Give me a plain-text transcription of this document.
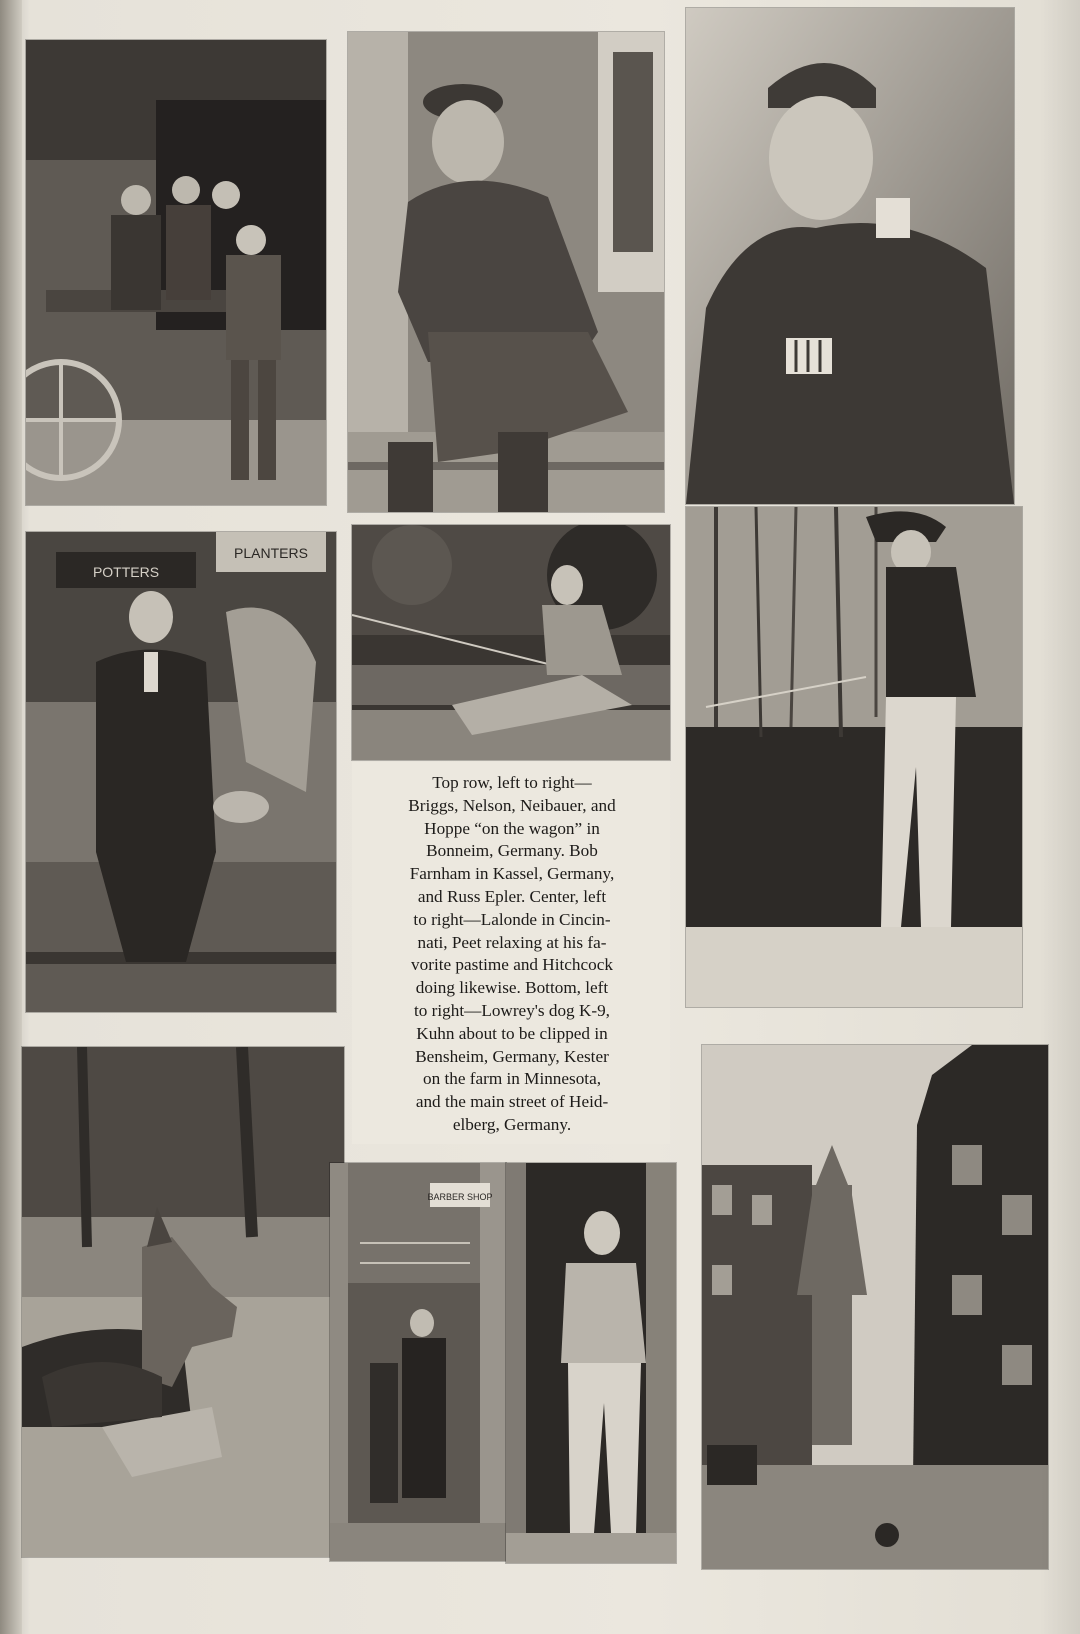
POTTERS
PLANTERS
Top row, left to right—
Briggs, Nelson, Neibauer, and
Hoppe “on the wagon” in
Bonneim, Germany. Bob
Farnham in Kassel, Germany,
and Russ Epler. Center, left
to right—Lalonde in Cincin-
nati, Peet relaxing at his fa-
vorite pastime and Hitchcock
doing likewise. Bottom, left
to right—Lowrey's dog K-9,
Kuhn about to be clipped in
Bensheim, Germany, Kester
on the farm in Minnesota,
and the main street of Heid-
elberg, Germany.
BARBER SHOP
